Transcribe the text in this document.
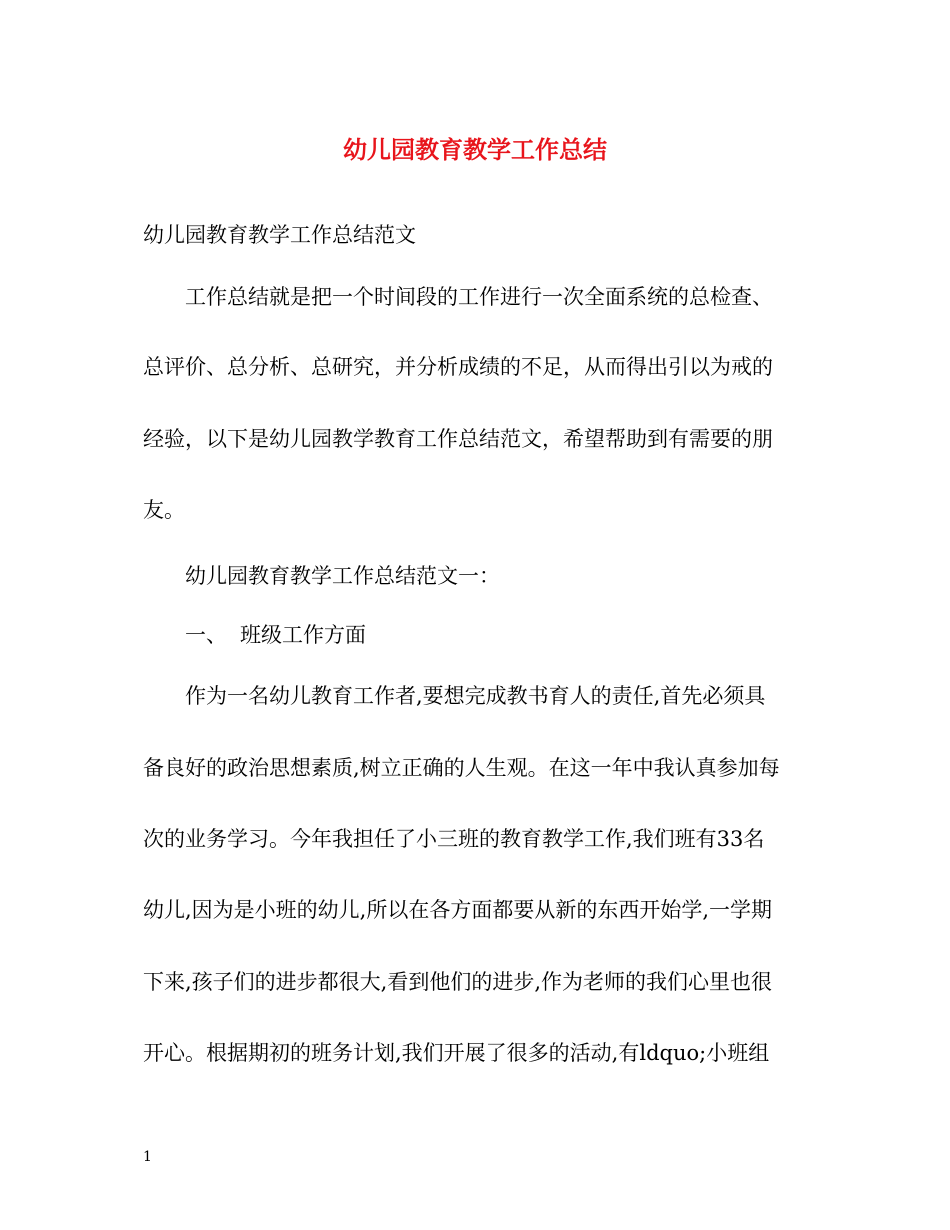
幼儿园教育教学工作总结
幼儿园教育教学工作总结范文
工作总结就是把一个时间段的工作进行一次全面系统的总检查、
总评价、总分析、总研究，并分析成绩的不足，从而得出引以为戒的
经验，以下是幼儿园教学教育工作总结范文，希望帮助到有需要的朋
友。
幼儿园教育教学工作总结范文一：
一、 班级工作方面
作为一名幼儿教育工作者,要想完成教书育人的责任,首先必须具
备良好的政治思想素质,树立正确的人生观。在这一年中我认真参加每
次的业务学习。今年我担任了小三班的教育教学工作,我们班有33名
幼儿,因为是小班的幼儿,所以在各方面都要从新的东西开始学,一学期
下来,孩子们的进步都很大,看到他们的进步,作为老师的我们心里也很
开心。根据期初的班务计划,我们开展了很多的活动,有ldquo;小班组
1
